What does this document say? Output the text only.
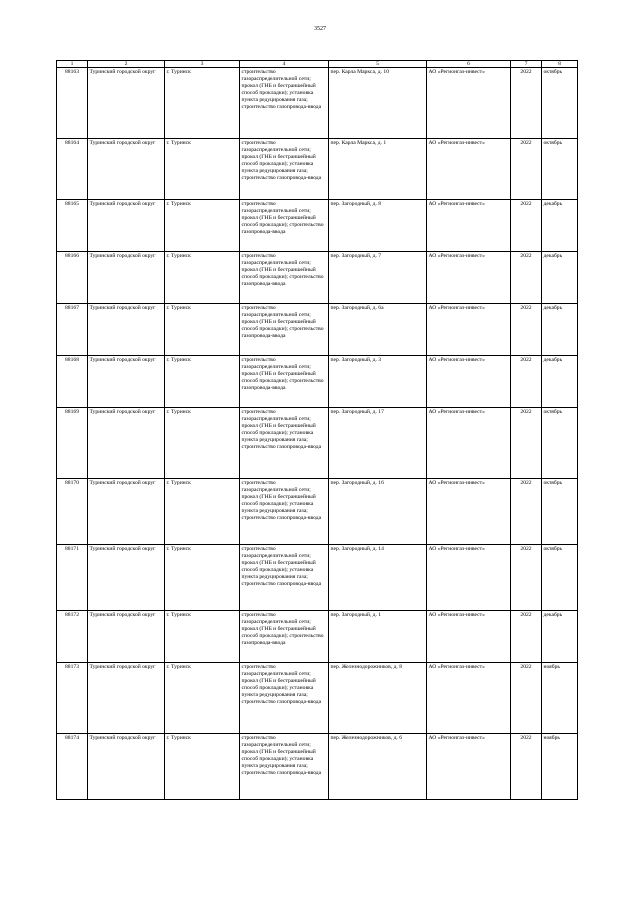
3527
1	2	3	4	5	6	7	8
88163	Туринский городской округ	г. Туринск	строительство газораспределительной сети; прокол (ГНБ и бестраншейный способ прокладки); установка пункта редуцирования газа; строительство газопровода-ввода	пер. Карла Маркса, д. 10	АО «Регионгаз-инвест»	2022	октябрь
88164	Туринский городской округ	г. Туринск	строительство газораспределительной сети; прокол (ГНБ и бестраншейный способ прокладки); установка пункта редуцирования газа; строительство газопровода-ввода	пер. Карла Маркса, д. 1	АО «Регионгаз-инвест»	2022	октябрь
88165	Туринский городской округ	г. Туринск	строительство газораспределительной сети; прокол (ГНБ и бестраншейный способ прокладки); строительство газопровода-ввода	пер. Загородный, д. 8	АО «Регионгаз-инвест»	2022	декабрь
88166	Туринский городской округ	г. Туринск	строительство газораспределительной сети; прокол (ГНБ и бестраншейный способ прокладки); строительство газопровода-ввода	пер. Загородный, д. 7	АО «Регионгаз-инвест»	2022	декабрь
88167	Туринский городской округ	г. Туринск	строительство газораспределительной сети; прокол (ГНБ и бестраншейный способ прокладки); строительство газопровода-ввода	пер. Загородный, д. 6а	АО «Регионгаз-инвест»	2022	декабрь
88168	Туринский городской округ	г. Туринск	строительство газораспределительной сети; прокол (ГНБ и бестраншейный способ прокладки); строительство газопровода-ввода	пер. Загородный, д. 3	АО «Регионгаз-инвест»	2022	декабрь
88169	Туринский городской округ	г. Туринск	строительство газораспределительной сети; прокол (ГНБ и бестраншейный способ прокладки); установка пункта редуцирования газа; строительство газопровода-ввода	пер. Загородный, д. 17	АО «Регионгаз-инвест»	2022	октябрь
88170	Туринский городской округ	г. Туринск	строительство газораспределительной сети; прокол (ГНБ и бестраншейный способ прокладки); установка пункта редуцирования газа; строительство газопровода-ввода	пер. Загородный, д. 16	АО «Регионгаз-инвест»	2022	октябрь
88171	Туринский городской округ	г. Туринск	строительство газораспределительной сети; прокол (ГНБ и бестраншейный способ прокладки); установка пункта редуцирования газа; строительство газопровода-ввода	пер. Загородный, д. 14	АО «Регионгаз-инвест»	2022	октябрь
88172	Туринский городской округ	г. Туринск	строительство газораспределительной сети; прокол (ГНБ и бестраншейный способ прокладки); строительство газопровода-ввода	пер. Загородный, д. 1	АО «Регионгаз-инвест»	2022	декабрь
88173	Туринский городской округ	г. Туринск	строительство газораспределительной сети; прокол (ГНБ и бестраншейный способ прокладки); установка пункта редуцирования газа; строительство газопровода-ввода	пер. Железнодорожников, д. 8	АО «Регионгаз-инвест»	2022	ноябрь
88174	Туринский городской округ	г. Туринск	строительство газораспределительной сети; прокол (ГНБ и бестраншейный способ прокладки); установка пункта редуцирования газа; строительство газопровода-ввода	пер. Железнодорожников, д. 6	АО «Регионгаз-инвест»	2022	ноябрь
